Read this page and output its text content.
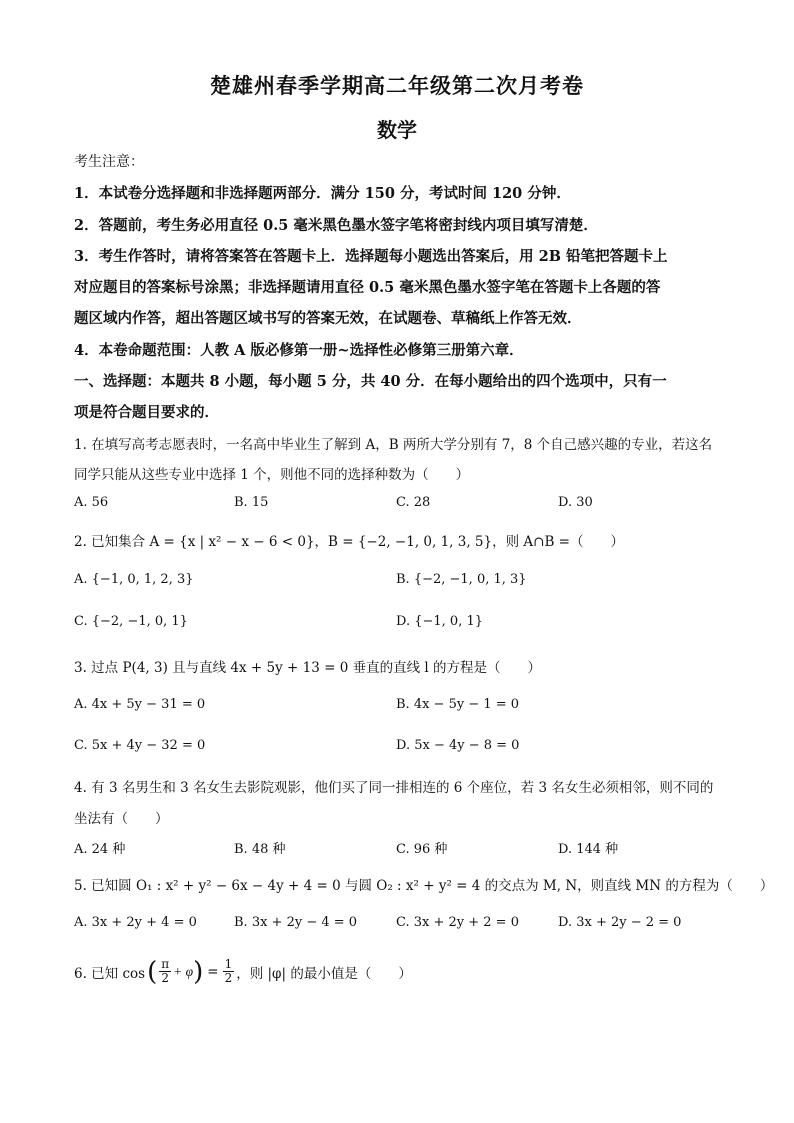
楚雄州春季学期高二年级第二次月考卷
数学
考生注意：
1．本试卷分选择题和非选择题两部分．满分 150 分，考试时间 120 分钟．
2．答题前，考生务必用直径 0.5 毫米黑色墨水签字笔将密封线内项目填写清楚．
3．考生作答时，请将答案答在答题卡上．选择题每小题选出答案后，用 2B 铅笔把答题卡上
对应题目的答案标号涂黑；非选择题请用直径 0.5 毫米黑色墨水签字笔在答题卡上各题的答
题区域内作答，超出答题区域书写的答案无效，在试题卷、草稿纸上作答无效．
4．本卷命题范围：人教 A 版必修第一册~选择性必修第三册第六章．
一、选择题：本题共 8 小题，每小题 5 分，共 40 分．在每小题给出的四个选项中，只有一
项是符合题目要求的．
1. 在填写高考志愿表时，一名高中毕业生了解到 A，B 两所大学分别有 7，8 个自己感兴趣的专业，若这名
同学只能从这些专业中选择 1 个，则他不同的选择种数为（　　）
A. 56	B. 15	C. 28	D. 30
2. 已知集合 A = {x | x² − x − 6 < 0}，B = {−2, −1, 0, 1, 3, 5}，则 A∩B =（　　）
A. {−1, 0, 1, 2, 3}	B. {−2, −1, 0, 1, 3}
C. {−2, −1, 0, 1}	D. {−1, 0, 1}
3. 过点 P(4, 3) 且与直线 4x + 5y + 13 = 0 垂直的直线 l 的方程是（　　）
A. 4x + 5y − 31 = 0	B. 4x − 5y − 1 = 0
C. 5x + 4y − 32 = 0	D. 5x − 4y − 8 = 0
4. 有 3 名男生和 3 名女生去影院观影，他们买了同一排相连的 6 个座位，若 3 名女生必须相邻，则不同的
坐法有（　　）
A. 24 种	B. 48 种	C. 96 种	D. 144 种
5. 已知圆 O₁ : x² + y² − 6x − 4y + 4 = 0 与圆 O₂ : x² + y² = 4 的交点为 M, N，则直线 MN 的方程为（　　）
A. 3x + 2y + 4 = 0	B. 3x + 2y − 4 = 0	C. 3x + 2y + 2 = 0	D. 3x + 2y − 2 = 0
6. 已知 cos ( $\frac{\pi}{2} + \varphi$ ) = $\frac{1}{2}$ ，则 |φ| 的最小值是（　　）
